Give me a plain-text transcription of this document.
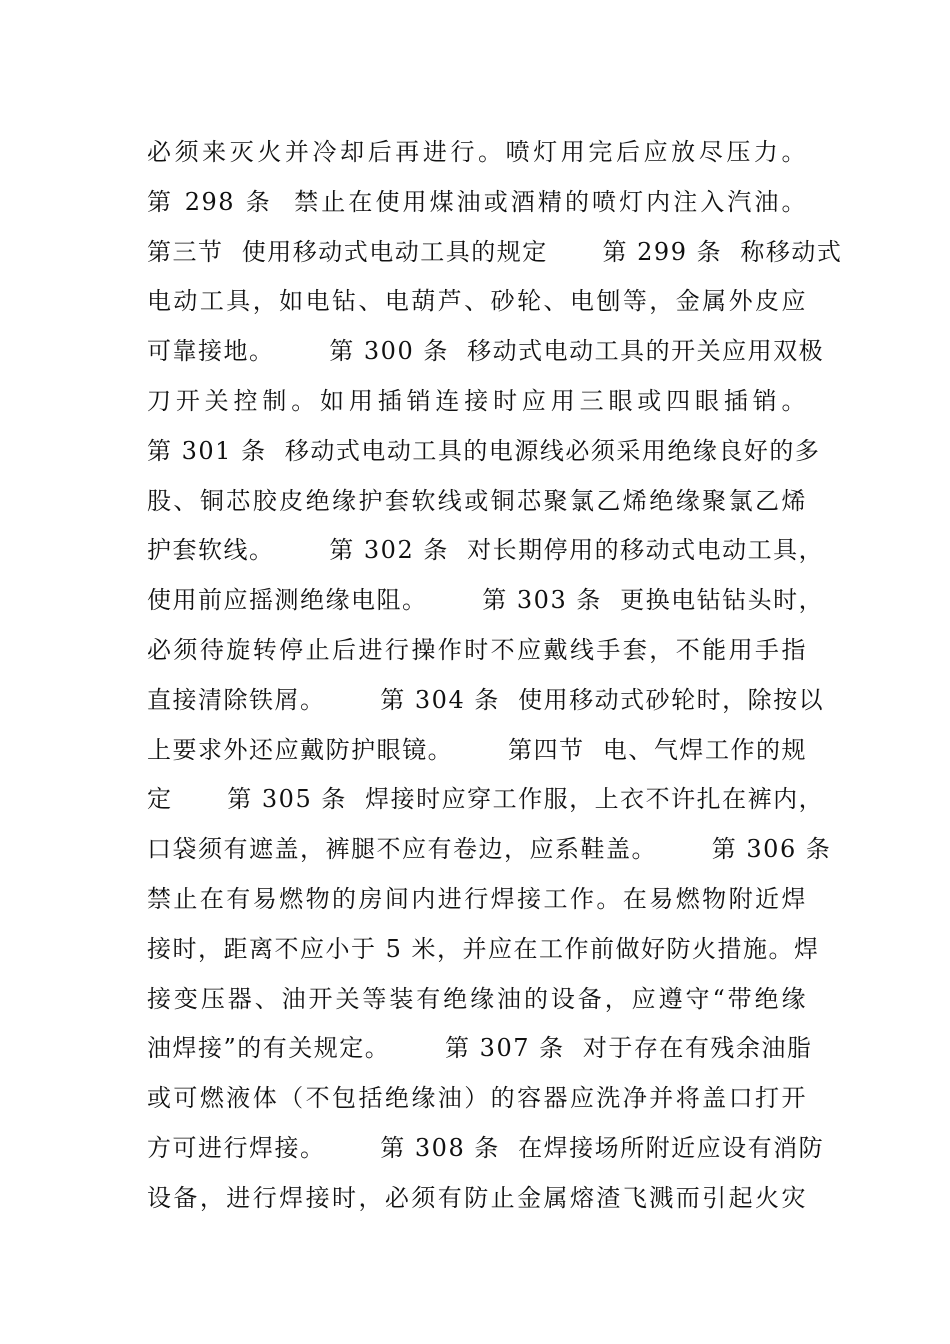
必须来灭火并冷却后再进行。喷灯用完后应放尽压力。
第 298 条  禁止在使用煤油或酒精的喷灯内注入汽油。
第三节  使用移动式电动工具的规定      第 299 条  称移动式
电动工具，如电钻、电葫芦、砂轮、电刨等，金属外皮应
可靠接地。      第 300 条  移动式电动工具的开关应用双极
刀开关控制。如用插销连接时应用三眼或四眼插销。
第 301 条  移动式电动工具的电源线必须采用绝缘良好的多
股、铜芯胶皮绝缘护套软线或铜芯聚氯乙烯绝缘聚氯乙烯
护套软线。      第 302 条  对长期停用的移动式电动工具，
使用前应摇测绝缘电阻。      第 303 条  更换电钻钻头时，
必须待旋转停止后进行操作时不应戴线手套，不能用手指
直接清除铁屑。      第 304 条  使用移动式砂轮时，除按以
上要求外还应戴防护眼镜。      第四节  电、气焊工作的规
定      第 305 条  焊接时应穿工作服，上衣不许扎在裤内，
口袋须有遮盖，裤腿不应有卷边，应系鞋盖。      第 306 条
禁止在有易燃物的房间内进行焊接工作。在易燃物附近焊
接时，距离不应小于 5 米，并应在工作前做好防火措施。焊
接变压器、油开关等装有绝缘油的设备，应遵守“带绝缘
油焊接”的有关规定。      第 307 条  对于存在有残余油脂
或可燃液体（不包括绝缘油）的容器应洗净并将盖口打开
方可进行焊接。      第 308 条  在焊接场所附近应设有消防
设备，进行焊接时，必须有防止金属熔渣飞溅而引起火灾
